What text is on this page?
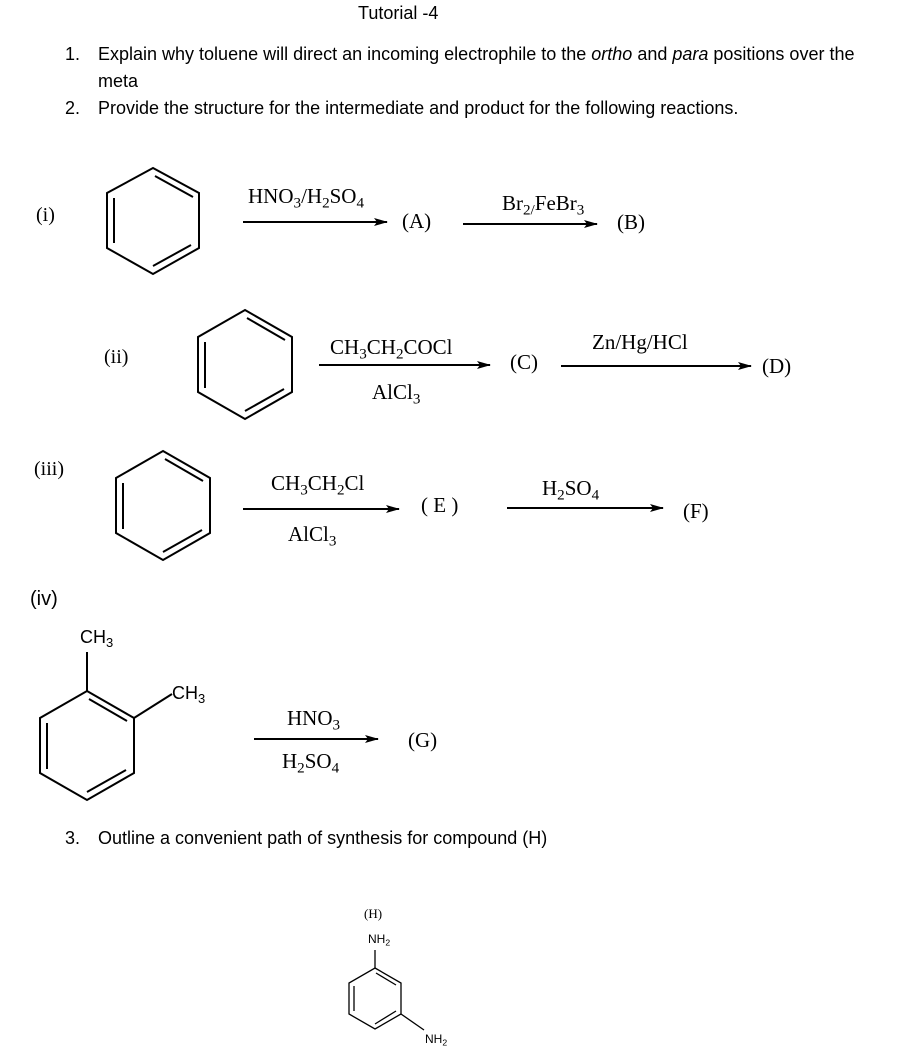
Tutorial -4
1. Explain why toluene will direct an incoming electrophile to the ortho and para positions over the
meta
2. Provide the structure for the intermediate and product for the following reactions.
(i)
$HNO_3/H_2SO_4$
(A)
$Br_{2/}FeBr_3$ (B)
(ii)	$CH_3CH_2COCl$
AlCl$_3$
(C)
Zn/Hg/HCl
(D)
(iii)
$CH_3CH_2Cl$
AlCl$_3$
( E )
$H_2SO_4$
(F)
(iv)
$CH_3$
$CH_3$
$HNO_3$
$H_2SO_4$
(G)
3. Outline a convenient path of synthesis for compound (H)
(H)
$NH_2$
$NH_2$
